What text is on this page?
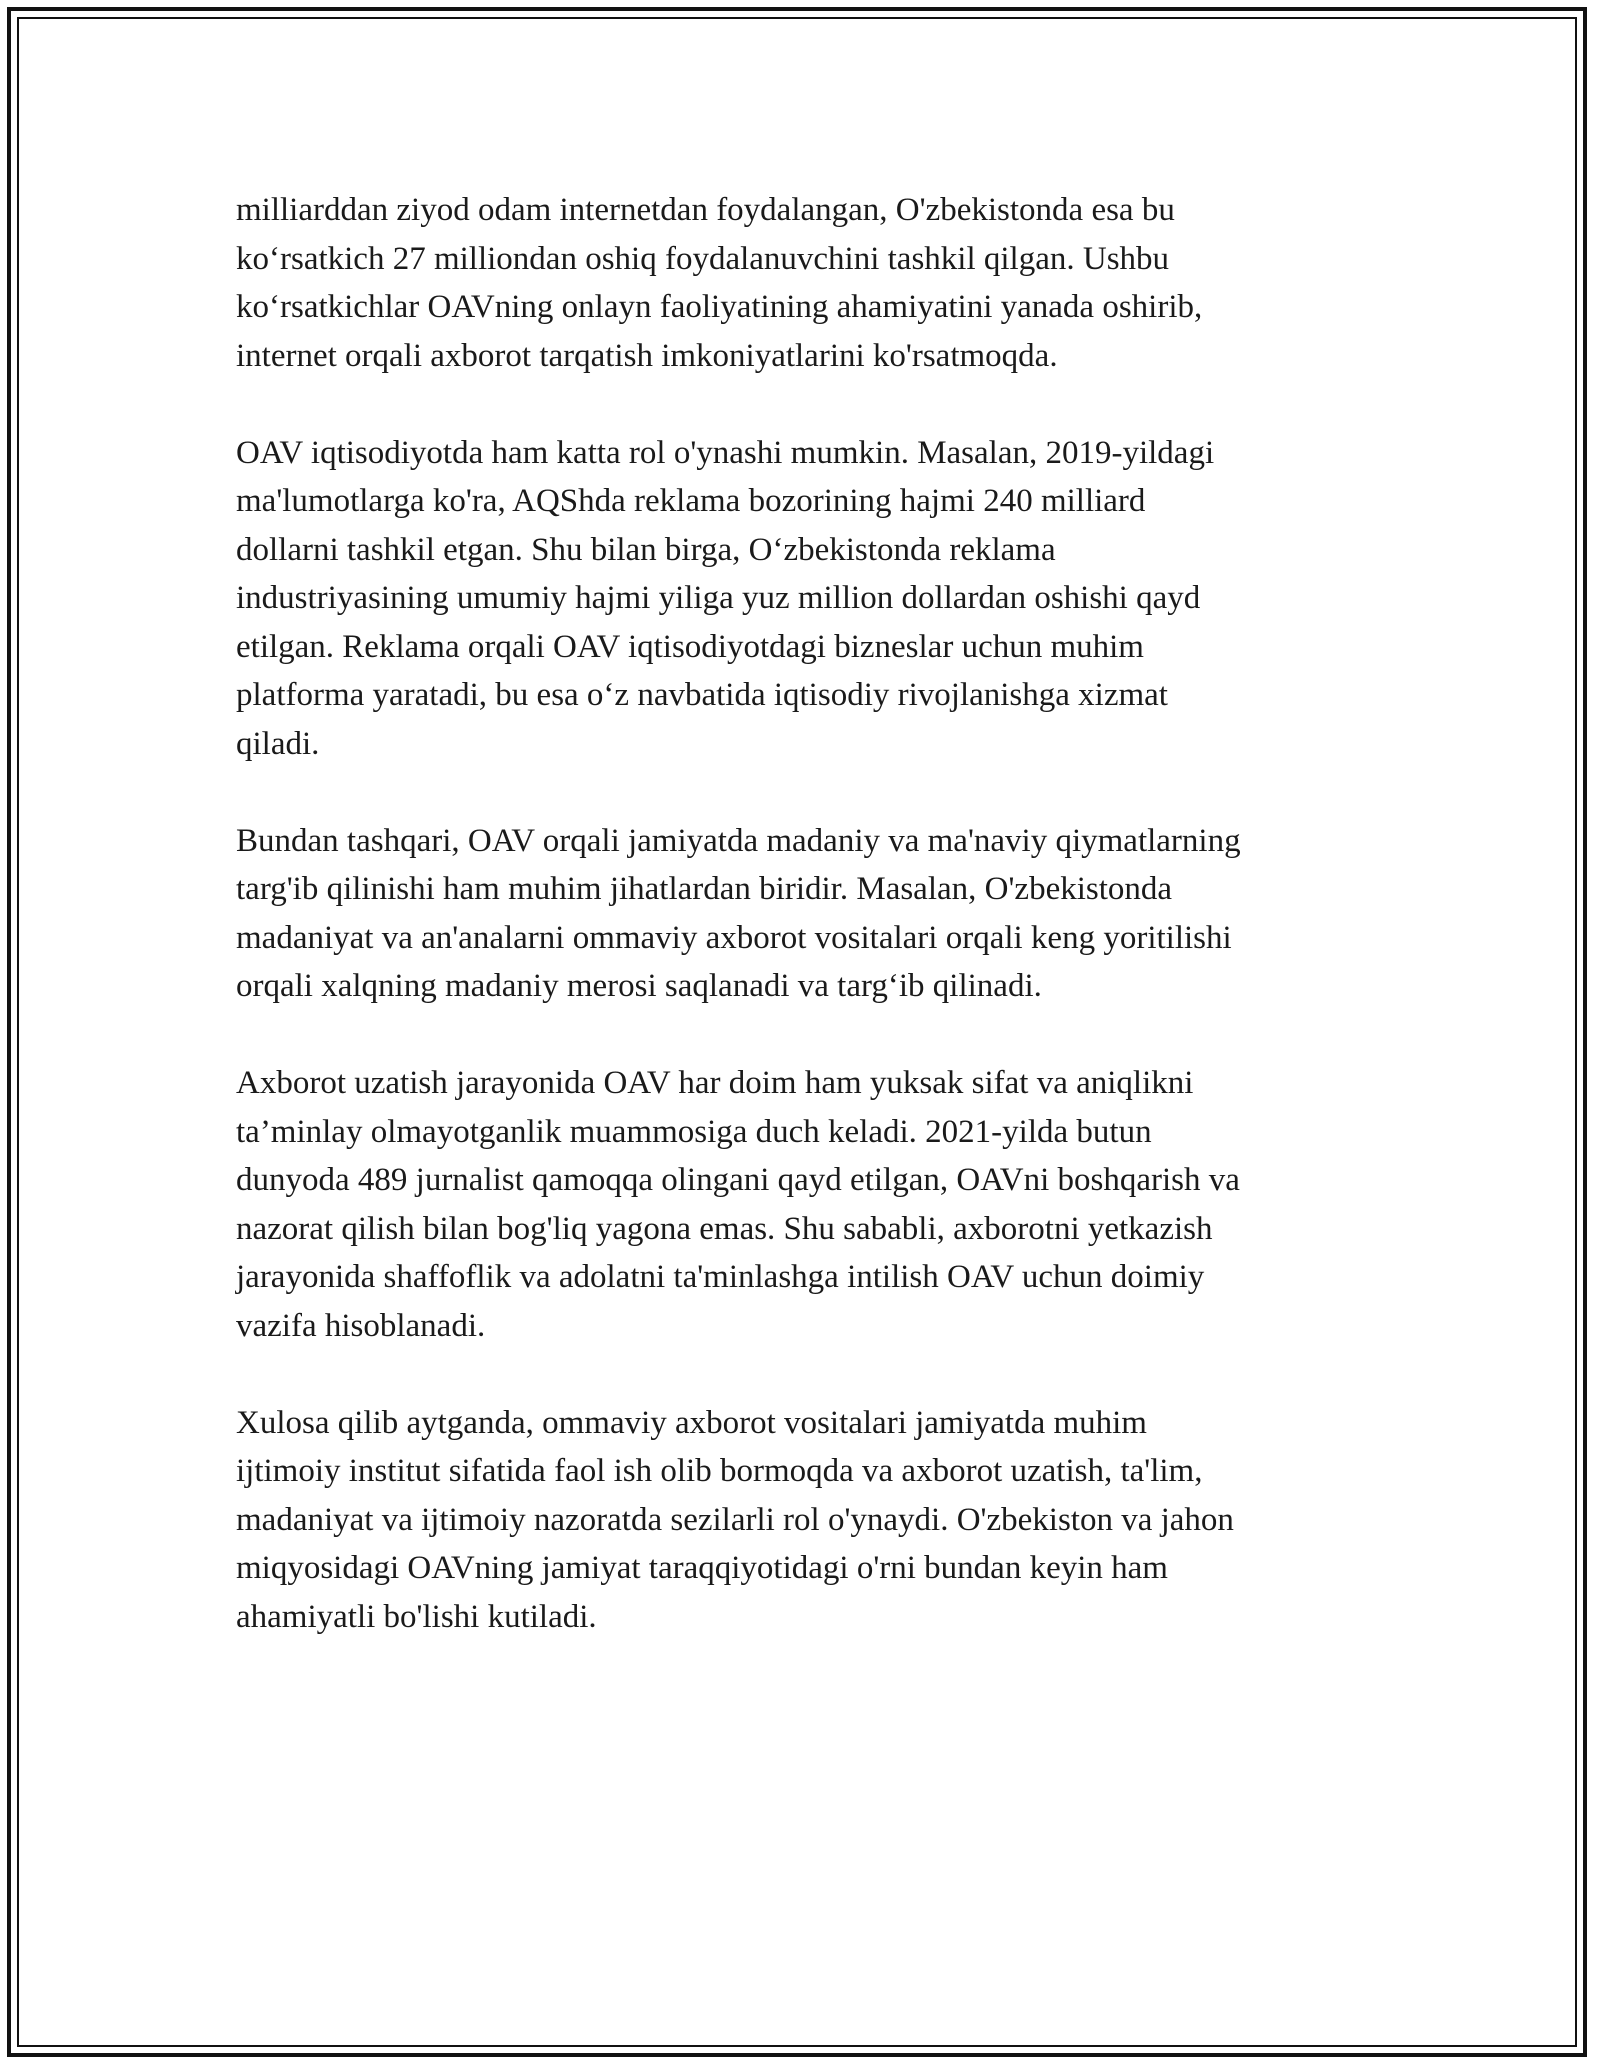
milliarddan ziyod odam internetdan foydalangan, O'zbekistonda esa bu
ko‘rsatkich 27 milliondan oshiq foydalanuvchini tashkil qilgan. Ushbu
ko‘rsatkichlar OAVning onlayn faoliyatining ahamiyatini yanada oshirib,
internet orqali axborot tarqatish imkoniyatlarini ko'rsatmoqda.

OAV iqtisodiyotda ham katta rol o'ynashi mumkin. Masalan, 2019-yildagi
ma'lumotlarga ko'ra, AQShda reklama bozorining hajmi 240 milliard
dollarni tashkil etgan. Shu bilan birga, O‘zbekistonda reklama
industriyasining umumiy hajmi yiliga yuz million dollardan oshishi qayd
etilgan. Reklama orqali OAV iqtisodiyotdagi bizneslar uchun muhim
platforma yaratadi, bu esa o‘z navbatida iqtisodiy rivojlanishga xizmat
qiladi.

Bundan tashqari, OAV orqali jamiyatda madaniy va ma'naviy qiymatlarning
targ'ib qilinishi ham muhim jihatlardan biridir. Masalan, O'zbekistonda
madaniyat va an'analarni ommaviy axborot vositalari orqali keng yoritilishi
orqali xalqning madaniy merosi saqlanadi va targ‘ib qilinadi.

Axborot uzatish jarayonida OAV har doim ham yuksak sifat va aniqlikni
ta’minlay olmayotganlik muammosiga duch keladi. 2021-yilda butun
dunyoda 489 jurnalist qamoqqa olingani qayd etilgan, OAVni boshqarish va
nazorat qilish bilan bog'liq yagona emas. Shu sababli, axborotni yetkazish
jarayonida shaffoflik va adolatni ta'minlashga intilish OAV uchun doimiy
vazifa hisoblanadi.

Xulosa qilib aytganda, ommaviy axborot vositalari jamiyatda muhim
ijtimoiy institut sifatida faol ish olib bormoqda va axborot uzatish, ta'lim,
madaniyat va ijtimoiy nazoratda sezilarli rol o'ynaydi. O'zbekiston va jahon
miqyosidagi OAVning jamiyat taraqqiyotidagi o'rni bundan keyin ham
ahamiyatli bo'lishi kutiladi.
